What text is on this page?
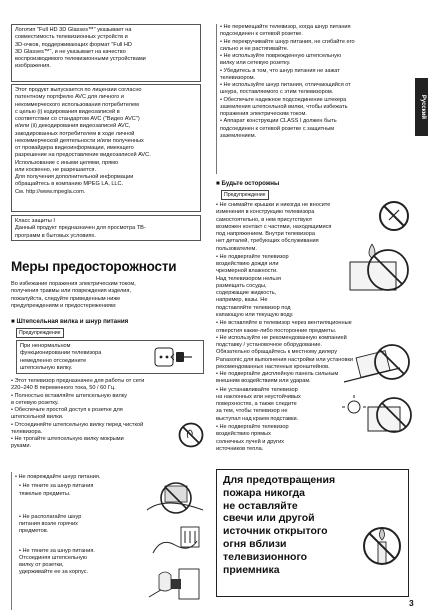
Логотип "Full HD 3D Glasses™" указывает на

совместимость телевизионных устройств и

3D-очков, поддерживающих формат "Full HD

3D Glasses™", и не указывает на качество

воспроизводимого телевизионными устройствами

изображения.

Этот продукт выпускается по лицензии согласно

патентному портфелю AVC для личного и

некоммерческого использования потребителем

с целью (i) кодирования видеозаписей в

соответствии со стандартом AVC ("Видео AVC")

и/или (ii) декодирования видеозаписей AVC,

закодированных потребителем в ходе личной

некоммерческой деятельности и/или полученных

от провайдера видеоинформации, имеющего

разрешение на предоставление видеозаписей AVC.

Использование с иными целями, прямо

или косвенно, не разрешается.

Для получения дополнительной информации

обращайтесь в компанию MPEG LA, LLC.

См. http://www.mpegla.com.

Класс защиты I

Данный продукт предназначен для просмотра ТВ-

программ в бытовых условиях.

Меры предосторожности

Во избежание поражения электрическим током,

получения травмы или повреждения изделия,

пожалуйста, следуйте приведенным ниже

предупреждениям и предостережениям:

■ Штепсельная вилка и шнур питания
Предупреждение

При ненормальном

функционировании телевизора

немедленно отсоедините

штепсельную вилку.

• Этот телевизор предназначен для работы от сети

220–240 В переменного тока, 50 / 60 Гц.

• Полностью вставляйте штепсельную вилку

в сетевую розетку.

• Обеспечьте простой доступ к розетке для

штепсельной вилки.

• Отсоединяйте штепсельную вилку перед чисткой

телевизора.

• Не трогайте штепсельную вилку мокрыми

руками.

• Не повреждайте шнур питания.

• Не тяните за шнур питания

тяжелые предметы.

• Не располагайте шнур

питания возле горячих

предметов.

• Не тяните за шнур питания.

Отсоединяя штепсельную

вилку от розетки,

удерживайте ее за корпус.

• Не перемещайте телевизор, когда шнур питания

подсоединен к сетевой розетке.

• Не перекручивайте шнур питания, не сгибайте его

сильно и не растягивайте.

• Не используйте поврежденную штепсельную

вилку или сетевую розетку.

• Убедитесь в том, что шнур питания не зажат

телевизором.

• Не используйте шнур питания, отличающийся от

шнура, поставляемого с этим телевизором.

• Обеспечьте надежное подсоединение штекера

заземления штепсельной вилки, чтобы избежать

поражения электрическим током.

• Аппарат конструкции CLASS I должен быть

подсоединен к сетевой розетке с защитным

заземлением.

Русский
■ Будьте осторожны
Предупреждение

• Не снимайте крышки и никогда не вносите

изменения в конструкцию телевизора

самостоятельно, в нем присутствуют

возможен контакт с частями, находящимися

под напряжением. Внутри телевизора

нет деталей, требующих обслуживания

пользователем.

• Не подвергайте телевизор

воздействию дождя или

чрезмерной влажности.

Над телевизором нельзя

размещать сосуды,

содержащие жидкость,

например, вазы. Не

подставляйте телевизор под

капающую или текущую воду.

• Не вставляйте в телевизор через вентиляционные

отверстия какие-либо посторонние предметы.

• Не используйте не рекомендованную компанией

подставку / установочное оборудование.

Обязательно обращайтесь к местному дилеру

Panasonic для выполнения настройки или установки

рекомендованных настенных кронштейнов.

• Не подвергайте дисплейную панель сильным

внешним воздействиям или ударам.

• Не устанавливайте телевизор

на наклонных или неустойчивых

поверхностях, а также следите

за тем, чтобы телевизор не

выступал над краем подставки.

• Не подвергайте телевизор

воздействию прямых

солнечных лучей и других

источников тепла.

Для предотвращения

пожара никогда

не оставляйте

свечи или другой

источник открытого

огня вблизи

телевизионного

приемника

3
